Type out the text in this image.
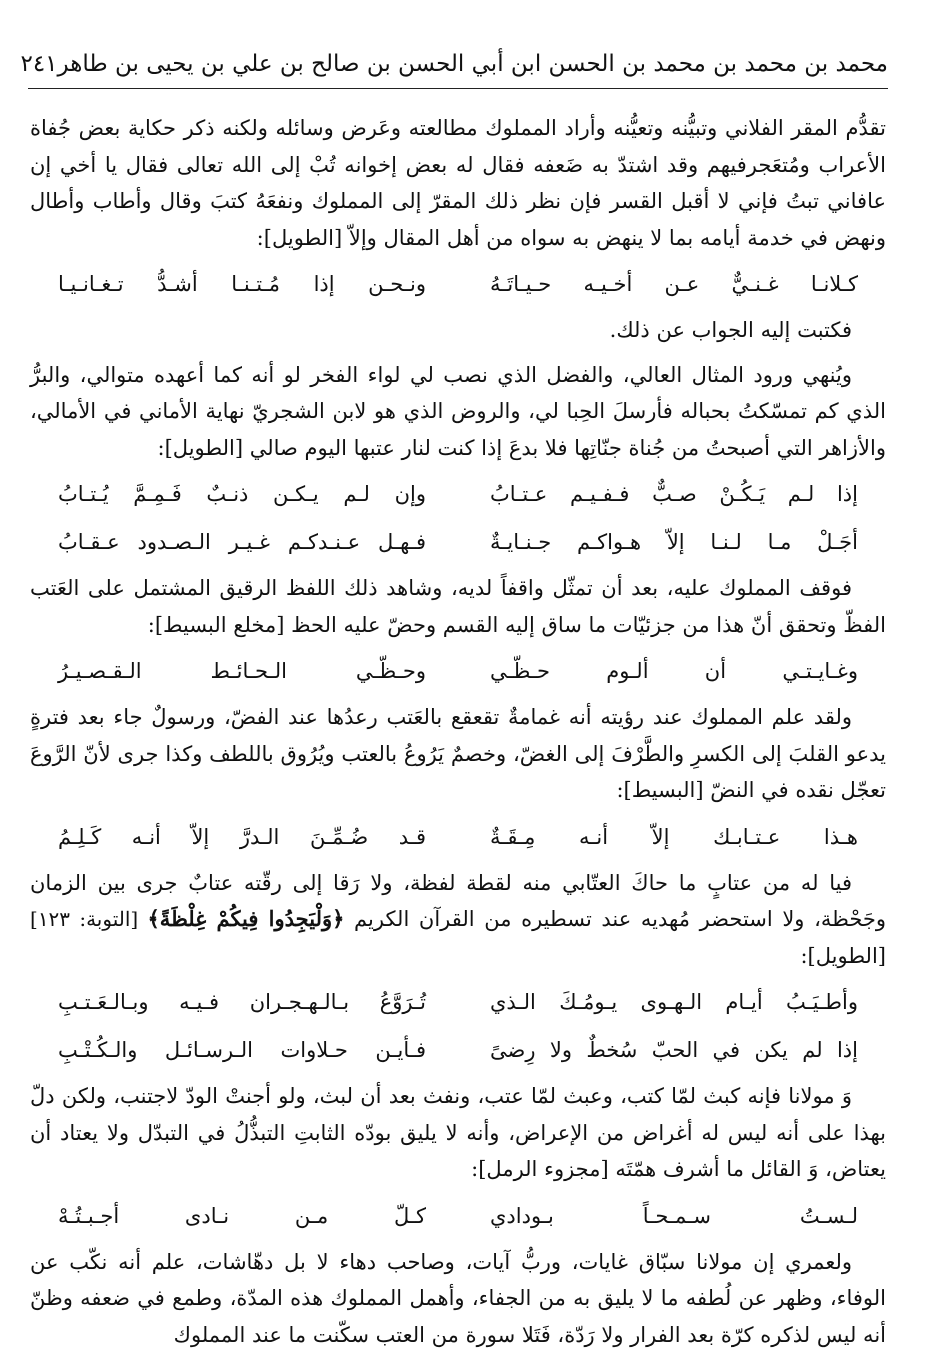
محمد بن محمد بن محمد بن الحسن ابن أبي الحسن بن صالح بن علي بن يحيى بن طاهر
٢٤١

تقدُّم المقر الفلاني وتبيُّنه وتعيُّنه وأراد المملوك مطالعته وعَرض وسائله ولكنه ذكر حكاية بعض جُفاة الأعراب ومُتعَجرفيهم وقد اشتدّ به ضَعفه فقال له بعض إخوانه تُبْ إلى الله تعالى فقال يا أخي إن عافاني تبتُ فإني لا أقبل القسر فإن نظر ذلك المقرّ إلى المملوك ونفعَهُ كتبَ وقال وأطاب وأطال ونهض في خدمة أيامه بما لا ينهض به سواه من أهل المقال وإلاّ [الطويل]:

كـلانـا غـنـيٌّ عـن أخـيـه حـيـاتَـهُ
ونـحـن إذا مُـتـنـا أشـدُّ تـغـانـيـا

فكتبت إليه الجواب عن ذلك.

ويُنهي ورود المثال العالي، والفضل الذي نصب لي لواء الفخر لو أنه كما أعهده متوالي، والبرُّ الذي كم تمسّكتُ بحباله فأرسلَ الحِبا لي، والروض الذي هو لابن الشجريّ نهاية الأماني في الأمالي، والأزاهر التي أصبحتُ من جُناة جنّاتِها فلا بدعَ إذا كنت لنار عتبها اليوم صالي [الطويل]:

إذا لـم يَـكُـنْ صـبٌّ فـفـيـم عـتـابُ
وإن لـم يـكـن ذنـبٌ فَـمِـمَّ يُـتـابُ
أجَـلْ مـا لـنـا إلاّ هـواكـم جـنـايـةٌ
فـهـل عـنـدكـم غـيـر الـصـدود عـقـابُ

فوقف المملوك عليه، بعد أن تمثّل واقفاً لديه، وشاهد ذلك اللفظ الرقيق المشتمل على العَتب الفظّ وتحقق أنّ هذا من جزئيّات ما ساق إليه القسم وحضّ عليه الحظ [مخلع البسيط]:

وغـايـتـي أن ألـوم حـظّـي
وحـظّـي الـحـائـط الـقـصـيـرُ

ولقد علم المملوك عند رؤيته أنه غمامةٌ تقعقع بالعَتب رعدُها عند الفضّ، ورسولٌ جاء بعد فترةٍ يدعو القلبَ إلى الكسرِ والطَّرْفَ إلى الغضّ، وخصمٌ يَرُوعُ بالعتب ويُرُوق باللطف وكذا جرى لأنّ الرَّوعَ تعجّل نقده في النضّ [البسيط]:

هـذا عـتـابـك إلاّ أنـه مِـقَـةٌ
قـد ضُـمِّـنَ الـدرَّ إلاّ أنـه كَـلِـمُ

فيا له من عتابٍ ما حاكَ العتّابي منه لقطة لفظة، ولا رَقا إلى رقّته عتابٌ جرى بين الزمان وجَحْظة، ولا استحضر مُهديه عند تسطيره من القرآن الكريم ﴿وَلْيَجِدُوا فِيكُمْ غِلْظَةً﴾ [التوبة: ١٢٣] [الطويل]:

وأطـيَـبُ أيـام الـهـوى يـومُـكَ الـذي
تُـرَوَّعُ بـالـهـجـران فـيـه وبـالـعَـتـبِ
إذا لم يكن في الحبّ سُخطٌ ولا رِضىً
فـأيـن حـلاوات الـرسـائـل والـكُـتْـبِ

وَ مولانا فإنه كبث لمّا كتب، وعبث لمّا عتب، ونفث بعد أن لبث، ولو أجنتْ الودّ لاجتنب، ولكن دلّ بهذا على أنه ليس له أغراض من الإعراض، وأنه لا يليق بودّه الثابتِ التبذُّلُ في التبدّل ولا يعتاد أن يعتاض، وَ القائل ما أشرف همّتَه [مجزوء الرمل]:

لـسـتُ سـمـحـاً بـودادي
كـلّ مـن نـادى أجـبـتُـهْ

ولعمري إن مولانا سبّاق غايات، وربُّ آيات، وصاحب دهاء لا بل دهّاشات، علم أنه نكّب عن الوفاء، وظهر عن لُطفه ما لا يليق به من الجفاء، وأهمل المملوك هذه المدّة، وطمع في ضعفه وظنّ أنه ليس لذكره كرّة بعد الفرار ولا رَدّة، فَتَلا سورة من العتب سكّنت ما عند المملوك
